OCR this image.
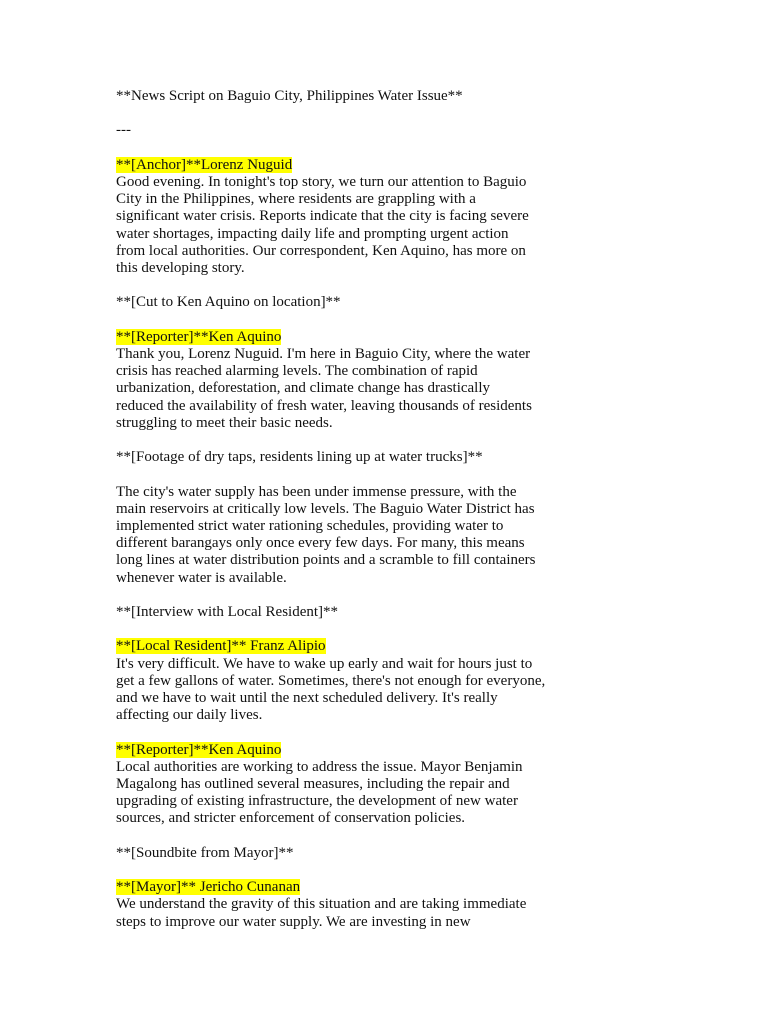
**News Script on Baguio City, Philippines Water Issue**

---

**[Anchor]**Lorenz Nuguid

Good evening. In tonight's top story, we turn our attention to Baguio

City in the Philippines, where residents are grappling with a

significant water crisis. Reports indicate that the city is facing severe

water shortages, impacting daily life and prompting urgent action

from local authorities. Our correspondent, Ken Aquino, has more on

this developing story.

**[Cut to Ken Aquino on location]**

**[Reporter]**Ken Aquino

Thank you, Lorenz Nuguid. I'm here in Baguio City, where the water

crisis has reached alarming levels. The combination of rapid

urbanization, deforestation, and climate change has drastically

reduced the availability of fresh water, leaving thousands of residents

struggling to meet their basic needs.

**[Footage of dry taps, residents lining up at water trucks]**

The city's water supply has been under immense pressure, with the

main reservoirs at critically low levels. The Baguio Water District has

implemented strict water rationing schedules, providing water to

different barangays only once every few days. For many, this means

long lines at water distribution points and a scramble to fill containers

whenever water is available.

**[Interview with Local Resident]**

**[Local Resident]** Franz Alipio

It's very difficult. We have to wake up early and wait for hours just to

get a few gallons of water. Sometimes, there's not enough for everyone,

and we have to wait until the next scheduled delivery. It's really

affecting our daily lives.

**[Reporter]**Ken Aquino

Local authorities are working to address the issue. Mayor Benjamin

Magalong has outlined several measures, including the repair and

upgrading of existing infrastructure, the development of new water

sources, and stricter enforcement of conservation policies.

**[Soundbite from Mayor]**

**[Mayor]** Jericho Cunanan

We understand the gravity of this situation and are taking immediate

steps to improve our water supply. We are investing in new
